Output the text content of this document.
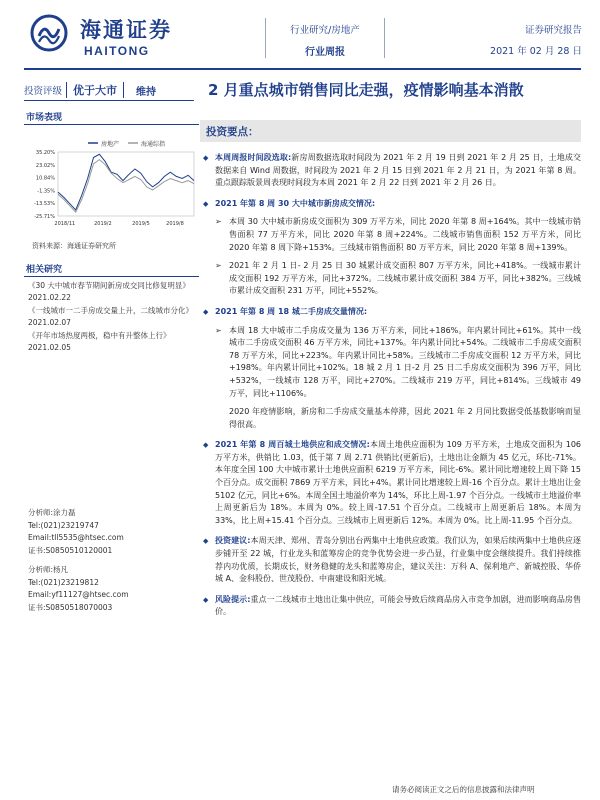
海通证券
HAITONG
行业研究/房地产
行业周报
证券研究报告
2021 年 02 月 28 日
投资评级	优于大市	维持	2 月重点城市销售同比走强，疫情影响基本消散
市场表现
35.20%
23.02%
10.84%
-1.35%
-13.53%
-25.71%
房地产	海通综指
2018/11	2019/2	2019/5	2019/8
资料来源：海通证券研究所
相关研究
《30 大中城市春节期间新房成交同比修复明显》2021.02.22
《一线城市一二手房成交量上升，二线城市分化》2021.02.07
《开年市场热度两极，稳中有升整体上行》2021.02.05
分析师:涂力磊
Tel:(021)23219747
Email:tll5535@htsec.com
证书:S0850510120001
分析师:杨凡
Tel:(021)23219812
Email:yf11127@htsec.com
证书:S0850518070003
投资要点：
◆ 本周周报时间段选取:新房周数据选取时间段为 2021 年 2 月 19 日到 2021 年 2 月 25 日，土地成交数据来自 Wind 周数据，时间段为 2021 年 2 月 15 日到 2021 年 2 月 21 日，为 2021 年第 8 周。重点跟踪版景周表现时间段为本周 2021 年 2 月 22 日到 2021 年 2 月 26 日。
◆ 2021 年第 8 周 30 大中城市新房成交情况:
➢ 本周 30 大中城市新房成交面积为 309 万平方米，同比 2020 年第 8 周+164%。其中一线城市销售面积 77 万平方米，同比 2020 年第 8 周+224%。二线城市销售面积 152 万平方米，同比 2020 年第 8 周下降+153%。三线城市销售面积 80 万平方米，同比 2020 年第 8 周+139%。
➢ 2021 年 2 月 1 日- 2 月 25 日 30 城累计成交面积 807 万平方米，同比+418%。一线城市累计成交面积 192 万平方米，同比+372%。二线城市累计成交面积 384 万平，同比+382%。三线城市累计成交面积 231 万平，同比+552%。
◆ 2021 年第 8 周 18 城二手房成交量情况:
➢ 本周 18 大中城市二手房成交量为 136 万平方米，同比+186%。年内累计同比+61%。其中一线城市二手房成交面积 46 万平方米，同比+137%。年内累计同比+54%。二线城市二手房成交面积 78 万平方米，同比+223%。年内累计同比+58%。三线城市二手房成交面积 12 万平方米，同比+198%。年内累计同比+102%。18 城 2 月 1 日-2 月 25 日二手房成交面积为 396 万平，同比+532%，一线城市 128 万平，同比+270%。二线城市 219 万平，同比+814%。三线城市 49 万平，同比+1106%。
2020 年疫情影响，新房和二手房成交量基本停滞，因此 2021 年 2 月同比数据受低基数影响而显得很高。
◆ 2021 年第 8 周百城土地供应和成交情况:本周土地供应面积为 109 万平方米，土地成交面积为 106 万平方米，供销比 1.03，低于第 7 周 2.71 供销比(更新后)，土地出让金额为 45 亿元，环比-71%。本年度全国 100 大中城市累计土地供应面积 6219 万平方米，同比-6%。累计同比增速较上周下降 15 个百分点。成交面积 7869 万平方米，同比+4%。累计同比增速较上周-16 个百分点。累计土地出让金 5102 亿元，同比+6%。本周全国土地溢价率为 14%，环比上周-1.97 个百分点。一线城市土地溢价率上周更新后为 18%。本周为 0%。较上周-17.51 个百分点。二线城市上周更新后 18%。本周为 33%，比上周+15.41 个百分点。三线城市上周更新后 12%。本周为 0%。比上周-11.95 个百分点。
◆ 投资建议:本周天津、郑州、青岛分别出台两集中土地供应政策。我们认为，如果后续两集中土地供应逐步铺开至 22 城，行业龙头和蓝筹房企的竞争优势会进一步凸显，行业集中度会继续提升。我们持续推荐内功优质，长期成长，财务稳健的龙头和蓝筹房企，建议关注：万科 A、保利地产、新城控股、华侨城 A、金科股份、世茂股份、中南建设和阳光城。
◆ 风险提示:重点一二线城市土地出让集中供应，可能会导致后续商品房入市竞争加剧，进而影响商品房售价。
请务必阅读正文之后的信息披露和法律声明
